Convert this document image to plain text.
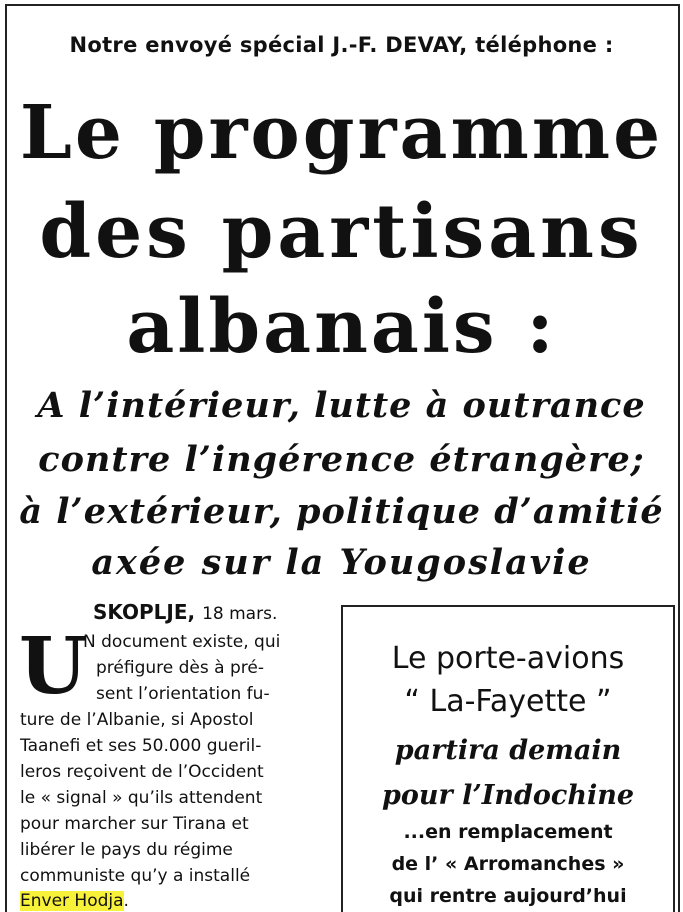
Notre envoyé spécial J.-F. DEVAY, téléphone :
Le programme
des partisans
albanais :
A l’intérieur, lutte à outrance
contre l’ingérence étrangère;
à l’extérieur, politique d’amitié
axée sur la Yougoslavie
SKOPLJE, 18 mars.
U
N document existe, qui
préfigure dès à pré-
sent l’orientation fu-
ture de l’Albanie, si Apostol
Taanefi et ses 50.000 gueril-
leros reçoivent de l’Occident
le « signal » qu’ils attendent
pour marcher sur Tirana et
libérer le pays du régime
communiste qu’y a installé
Enver Hodja.
Le porte-avions
“ La-Fayette ”
partira demain
pour l’Indochine
...en remplacement
de l’ « Arromanches »
qui rentre aujourd’hui
